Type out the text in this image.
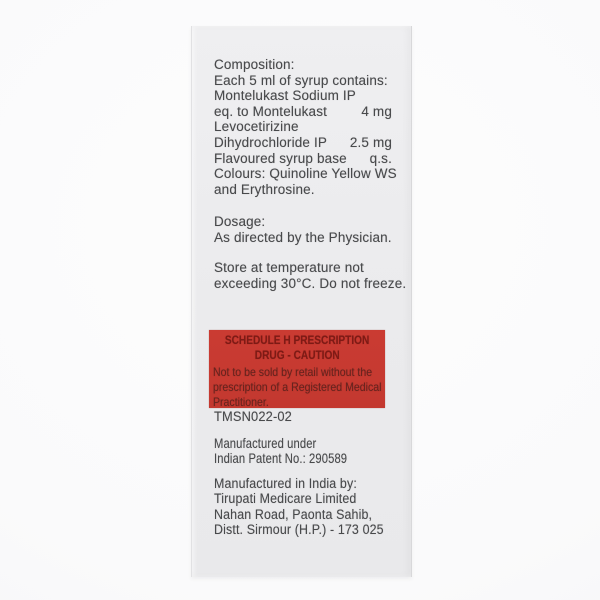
Composition:
Each 5 ml of syrup contains:
Montelukast Sodium IP
eq. to Montelukast	4 mg
Levocetirizine
Dihydrochloride IP 2.5 mg
Flavoured syrup base q.s.
Colours: Quinoline Yellow WS
and Erythrosine.
Dosage:
As directed by the Physician.
Store at temperature not
exceeding 30°C. Do not freeze.
SCHEDULE H PRESCRIPTION
DRUG - CAUTION
Not to be sold by retail without the
prescription of a Registered Medical
Practitioner.
TMSN022-02
Manufactured under
Indian Patent No.: 290589
Manufactured in India by:
Tirupati Medicare Limited
Nahan Road, Paonta Sahib,
Distt. Sirmour (H.P.) - 173 025
